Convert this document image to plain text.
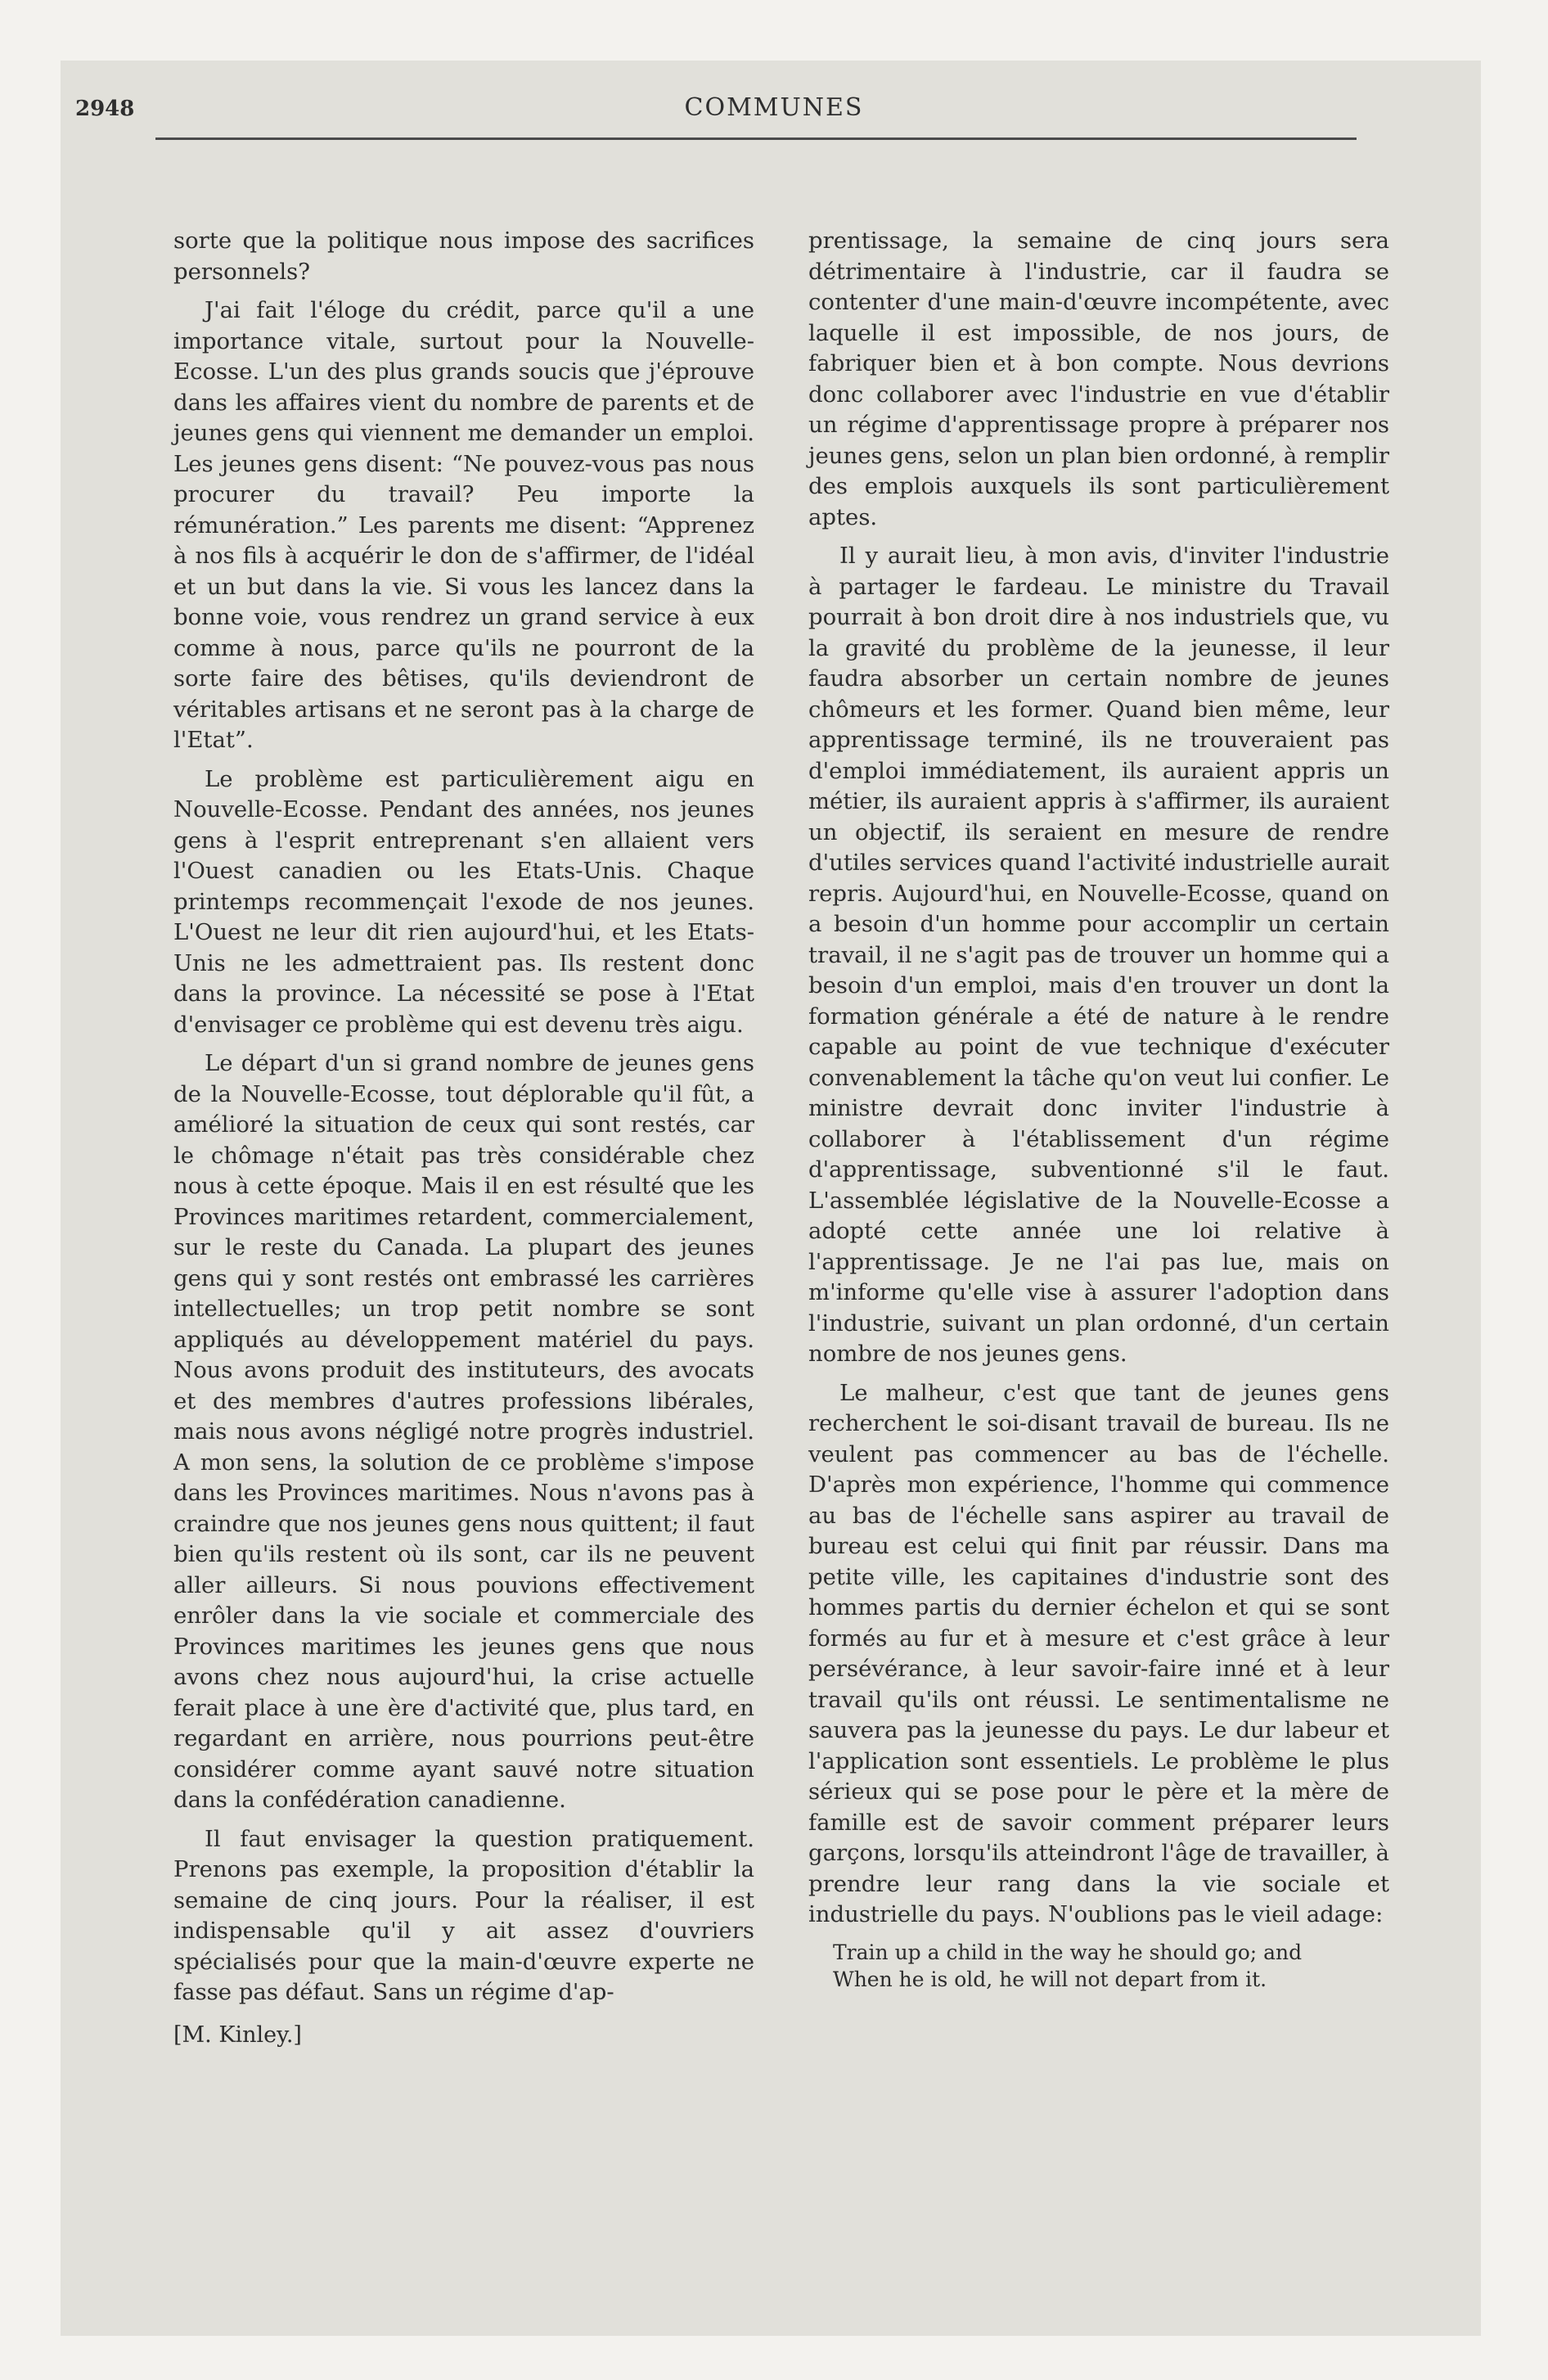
2948	COMMUNES

sorte que la politique nous impose des sacrifices personnels?

J'ai fait l'éloge du crédit, parce qu'il a une importance vitale, surtout pour la Nouvelle-Ecosse. L'un des plus grands soucis que j'éprouve dans les affaires vient du nombre de parents et de jeunes gens qui viennent me demander un emploi. Les jeunes gens disent: “Ne pouvez-vous pas nous procurer du travail? Peu importe la rémunération.” Les parents me disent: “Apprenez à nos fils à acquérir le don de s'affirmer, de l'idéal et un but dans la vie. Si vous les lancez dans la bonne voie, vous rendrez un grand service à eux comme à nous, parce qu'ils ne pourront de la sorte faire des bêtises, qu'ils deviendront de véritables artisans et ne seront pas à la charge de l'Etat”.

Le problème est particulièrement aigu en Nouvelle-Ecosse. Pendant des années, nos jeunes gens à l'esprit entreprenant s'en allaient vers l'Ouest canadien ou les Etats-Unis. Chaque printemps recommençait l'exode de nos jeunes. L'Ouest ne leur dit rien aujourd'hui, et les Etats-Unis ne les admettraient pas. Ils restent donc dans la province. La nécessité se pose à l'Etat d'envisager ce problème qui est devenu très aigu.

Le départ d'un si grand nombre de jeunes gens de la Nouvelle-Ecosse, tout déplorable qu'il fût, a amélioré la situation de ceux qui sont restés, car le chômage n'était pas très considérable chez nous à cette époque. Mais il en est résulté que les Provinces maritimes retardent, commercialement, sur le reste du Canada. La plupart des jeunes gens qui y sont restés ont embrassé les carrières intellectuelles; un trop petit nombre se sont appliqués au développement matériel du pays. Nous avons produit des instituteurs, des avocats et des membres d'autres professions libérales, mais nous avons négligé notre progrès industriel. A mon sens, la solution de ce problème s'impose dans les Provinces maritimes. Nous n'avons pas à craindre que nos jeunes gens nous quittent; il faut bien qu'ils restent où ils sont, car ils ne peuvent aller ailleurs. Si nous pouvions effectivement enrôler dans la vie sociale et commerciale des Provinces maritimes les jeunes gens que nous avons chez nous aujourd'hui, la crise actuelle ferait place à une ère d'activité que, plus tard, en regardant en arrière, nous pourrions peut-être considérer comme ayant sauvé notre situation dans la confédération canadienne.

Il faut envisager la question pratiquement. Prenons pas exemple, la proposition d'établir la semaine de cinq jours. Pour la réaliser, il est indispensable qu'il y ait assez d'ouvriers spécialisés pour que la main-d'œuvre experte ne fasse pas défaut. Sans un régime d'ap-

[M. Kinley.]

prentissage, la semaine de cinq jours sera détrimentaire à l'industrie, car il faudra se contenter d'une main-d'œuvre incompétente, avec laquelle il est impossible, de nos jours, de fabriquer bien et à bon compte. Nous devrions donc collaborer avec l'industrie en vue d'établir un régime d'apprentissage propre à préparer nos jeunes gens, selon un plan bien ordonné, à remplir des emplois auxquels ils sont particulièrement aptes.

Il y aurait lieu, à mon avis, d'inviter l'industrie à partager le fardeau. Le ministre du Travail pourrait à bon droit dire à nos industriels que, vu la gravité du problème de la jeunesse, il leur faudra absorber un certain nombre de jeunes chômeurs et les former. Quand bien même, leur apprentissage terminé, ils ne trouveraient pas d'emploi immédiatement, ils auraient appris un métier, ils auraient appris à s'affirmer, ils auraient un objectif, ils seraient en mesure de rendre d'utiles services quand l'activité industrielle aurait repris. Aujourd'hui, en Nouvelle-Ecosse, quand on a besoin d'un homme pour accomplir un certain travail, il ne s'agit pas de trouver un homme qui a besoin d'un emploi, mais d'en trouver un dont la formation générale a été de nature à le rendre capable au point de vue technique d'exécuter convenablement la tâche qu'on veut lui confier. Le ministre devrait donc inviter l'industrie à collaborer à l'établissement d'un régime d'apprentissage, subventionné s'il le faut. L'assemblée législative de la Nouvelle-Ecosse a adopté cette année une loi relative à l'apprentissage. Je ne l'ai pas lue, mais on m'informe qu'elle vise à assurer l'adoption dans l'industrie, suivant un plan ordonné, d'un certain nombre de nos jeunes gens.

Le malheur, c'est que tant de jeunes gens recherchent le soi-disant travail de bureau. Ils ne veulent pas commencer au bas de l'échelle. D'après mon expérience, l'homme qui commence au bas de l'échelle sans aspirer au travail de bureau est celui qui finit par réussir. Dans ma petite ville, les capitaines d'industrie sont des hommes partis du dernier échelon et qui se sont formés au fur et à mesure et c'est grâce à leur persévérance, à leur savoir-faire inné et à leur travail qu'ils ont réussi. Le sentimentalisme ne sauvera pas la jeunesse du pays. Le dur labeur et l'application sont essentiels. Le problème le plus sérieux qui se pose pour le père et la mère de famille est de savoir comment préparer leurs garçons, lorsqu'ils atteindront l'âge de travailler, à prendre leur rang dans la vie sociale et industrielle du pays. N'oublions pas le vieil adage:

Train up a child in the way he should go; and
When he is old, he will not depart from it.
